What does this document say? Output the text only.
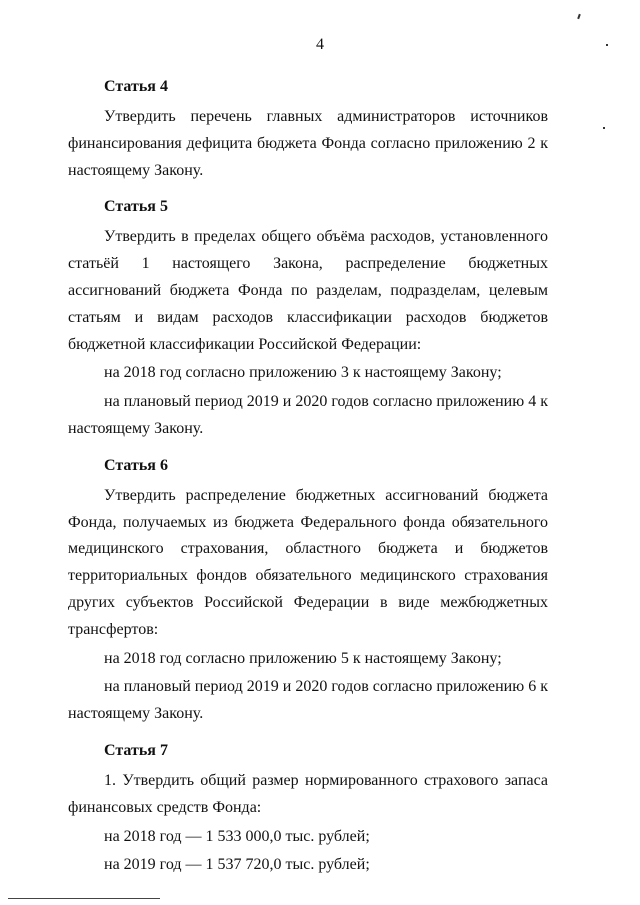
4
Статья 4
Утвердить перечень главных администраторов источников финансирования дефицита бюджета Фонда согласно приложению 2 к настоящему Закону.
Статья 5
Утвердить в пределах общего объёма расходов, установленного статьёй 1 настоящего Закона, распределение бюджетных ассигнований бюджета Фонда по разделам, подразделам, целевым статьям и видам расходов классификации расходов бюджетов бюджетной классификации Российской Федерации:
на 2018 год согласно приложению 3 к настоящему Закону;
на плановый период 2019 и 2020 годов согласно приложению 4 к настоящему Закону.
Статья 6
Утвердить распределение бюджетных ассигнований бюджета Фонда, получаемых из бюджета Федерального фонда обязательного медицинского страхования, областного бюджета и бюджетов территориальных фондов обязательного медицинского страхования других субъектов Российской Федерации в виде межбюджетных трансфертов:
на 2018 год согласно приложению 5 к настоящему Закону;
на плановый период 2019 и 2020 годов согласно приложению 6 к настоящему Закону.
Статья 7
1. Утвердить общий размер нормированного страхового запаса финансовых средств Фонда:
на 2018 год — 1 533 000,0 тыс. рублей;
на 2019 год — 1 537 720,0 тыс. рублей;
